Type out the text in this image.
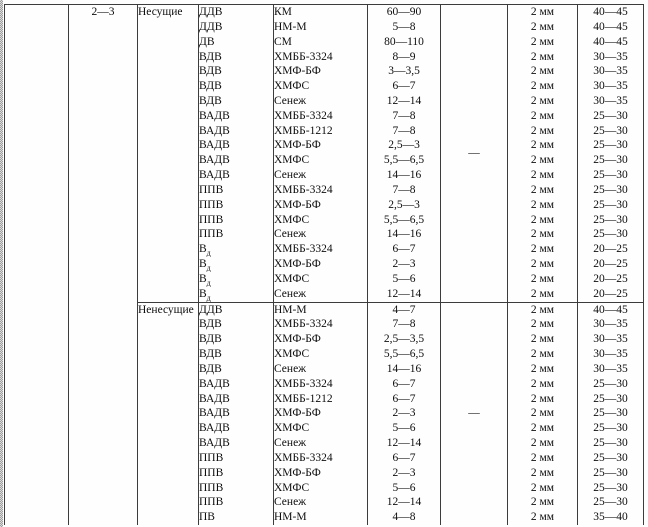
	2—3	Несущие	ДДВ	КМ	60—90	—	2 мм	40—45
			ДДВ	НМ-М	5—8		2 мм	40—45
			ДВ	СМ	80—110		2 мм	40—45
			ВДВ	ХМББ-3324	8—9		2 мм	30—35
			ВДВ	ХМФ-БФ	3—3,5		2 мм	30—35
			ВДВ	ХМФС	6—7		2 мм	30—35
			ВДВ	Сенеж	12—14		2 мм	30—35
			ВАДВ	ХМББ-3324	7—8		2 мм	25—30
			ВАДВ	ХМББ-1212	7—8		2 мм	25—30
			ВАДВ	ХМФ-БФ	2,5—3		2 мм	25—30
			ВАДВ	ХМФС	5,5—6,5		2 мм	25—30
			ВАДВ	Сенеж	14—16		2 мм	25—30
			ППВ	ХМББ-3324	7—8		2 мм	25—30
			ППВ	ХМФ-БФ	2,5—3		2 мм	25—30
			ППВ	ХМФС	5,5—6,5		2 мм	25—30
			ППВ	Сенеж	14—16		2 мм	25—30
			$В_д$	ХМББ-3324	6—7		2 мм	20—25
			$В_д$	ХМФ-БФ	2—3		2 мм	20—25
			$В_д$	ХМФС	5—6		2 мм	20—25
			$В_д$	Сенеж	12—14		2 мм	20—25
		Ненесущие	ДДВ	НМ-М	4—7	—	2 мм	40—45
			ВДВ	ХМББ-3324	7—8		2 мм	30—35
			ВДВ	ХМФ-БФ	2,5—3,5		2 мм	30—35
			ВДВ	ХМФС	5,5—6,5		2 мм	30—35
			ВДВ	Сенеж	14—16		2 мм	30—35
			ВАДВ	ХМББ-3324	6—7		2 мм	25—30
			ВАДВ	ХМББ-1212	6—7		2 мм	25—30
			ВАДВ	ХМФ-БФ	2—3		2 мм	25—30
			ВАДВ	ХМФС	5—6		2 мм	25—30
			ВАДВ	Сенеж	12—14		2 мм	25—30
			ППВ	ХМББ-3324	6—7		2 мм	25—30
			ППВ	ХМФ-БФ	2—3		2 мм	25—30
			ППВ	ХМФС	5—6		2 мм	25—30
			ППВ	Сенеж	12—14		2 мм	25—30
			ПВ	НМ-М	4—8		2 мм	35—40
